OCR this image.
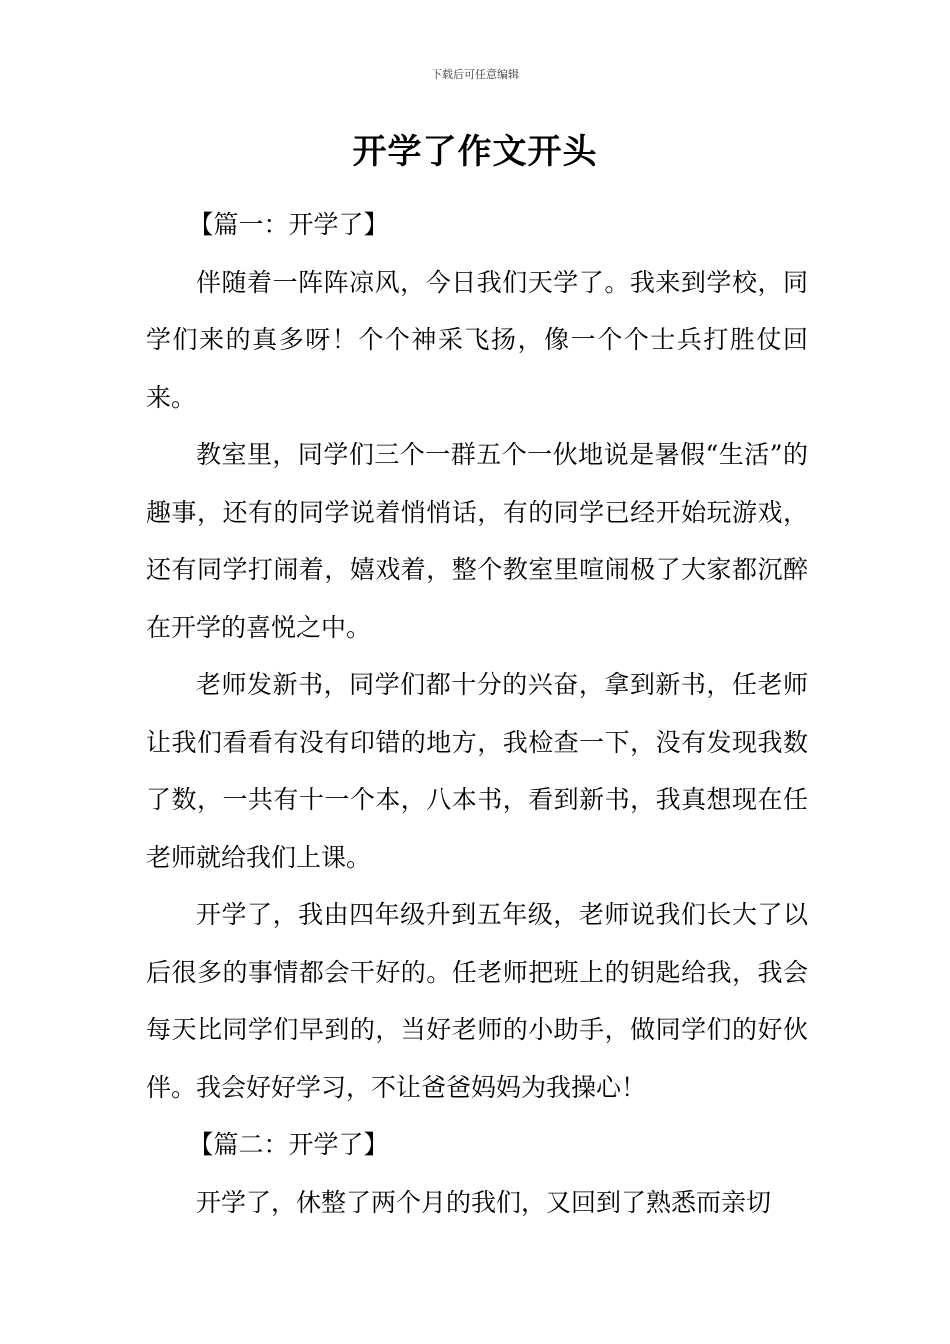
下载后可任意编辑
开学了作文开头

【篇一：开学了】

伴随着一阵阵凉风，今日我们天学了。我来到学校，同学们来的真多呀！个个神采飞扬，像一个个士兵打胜仗回来。

教室里，同学们三个一群五个一伙地说是暑假“生活”的趣事，还有的同学说着悄悄话，有的同学已经开始玩游戏，还有同学打闹着，嬉戏着，整个教室里喧闹极了大家都沉醉在开学的喜悦之中。

老师发新书，同学们都十分的兴奋，拿到新书，任老师让我们看看有没有印错的地方，我检查一下，没有发现我数了数，一共有十一个本，八本书，看到新书，我真想现在任老师就给我们上课。

开学了，我由四年级升到五年级，老师说我们长大了以后很多的事情都会干好的。任老师把班上的钥匙给我，我会每天比同学们早到的，当好老师的小助手，做同学们的好伙伴。我会好好学习，不让爸爸妈妈为我操心！

【篇二：开学了】

开学了，休整了两个月的我们，又回到了熟悉而亲切
